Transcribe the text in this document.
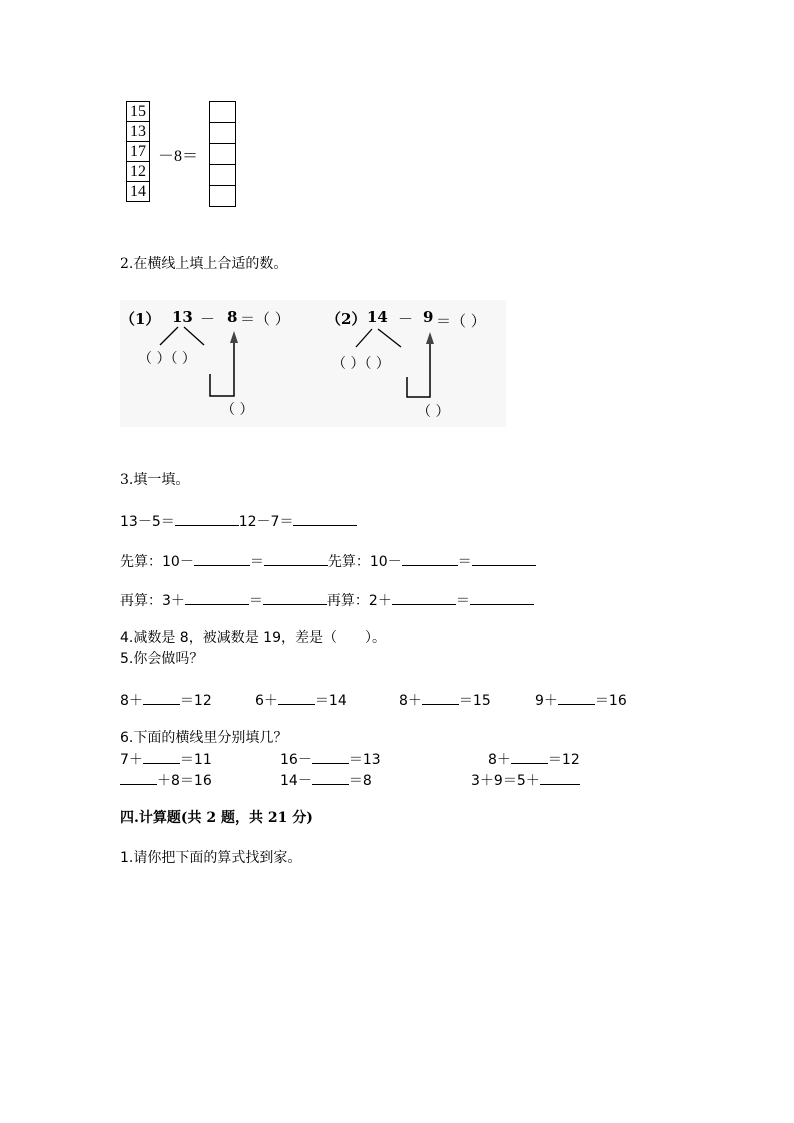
15
13
17
12
14
－8＝
2.在横线上填上合适的数。
（1） 13 － 8 ＝（ ）
（ ）（ ）
（ ）
（2） 14 － 9 ＝（ ）
（ ）（ ）
（ ）
3.填一填。
13－5＝	12－7＝
先算：10－	＝	先算：10－	＝
再算：3＋	＝	再算：2＋	＝
4.减数是 8，被减数是 19，差是（　　）。
5.你会做吗？
8＋	＝12	6＋	＝14	8＋	＝15	9＋	＝16
6.下面的横线里分别填几？
7＋	＝11	16－	＝13	8＋	＝12
＋8＝16	14－	＝8	3＋9＝5＋
四.计算题(共 2 题，共 21 分)
1.请你把下面的算式找到家。
